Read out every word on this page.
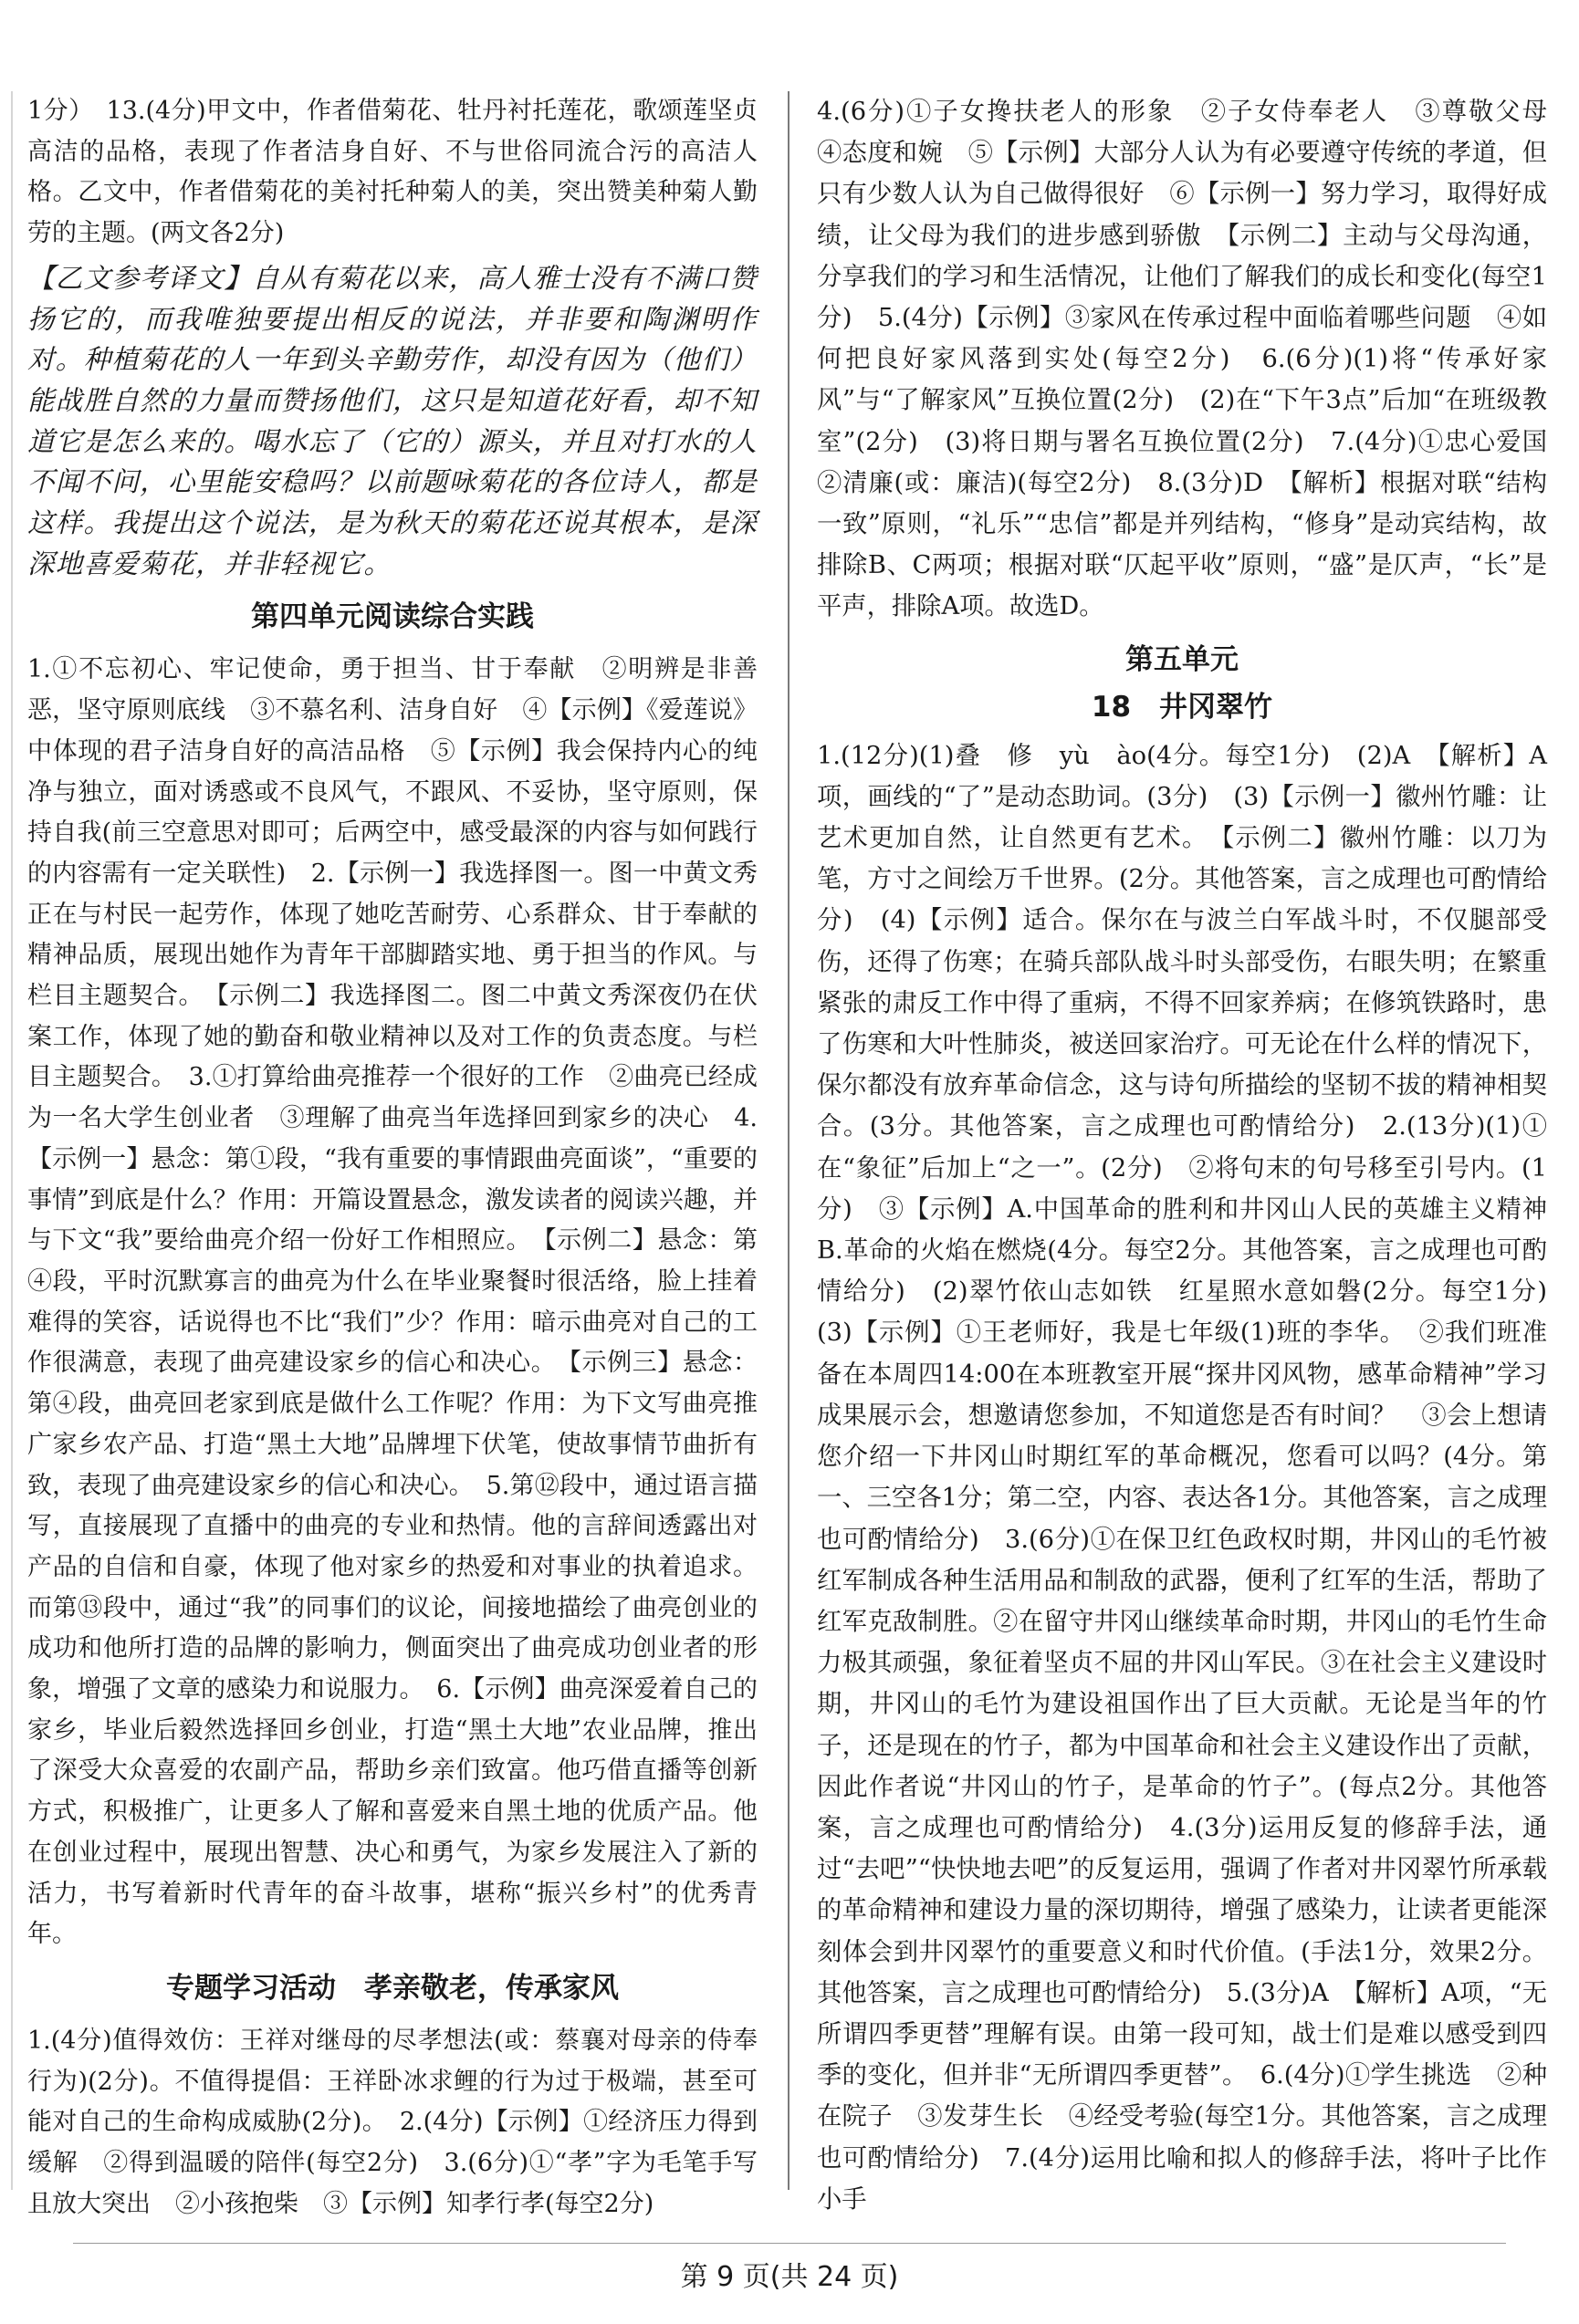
1分）　13.(4分)甲文中，作者借菊花、牡丹衬托莲花，歌颂莲坚贞高洁的品格，表现了作者洁身自好、不与世俗同流合污的高洁人格。乙文中，作者借菊花的美衬托种菊人的美，突出赞美种菊人勤劳的主题。(两文各2分)

【乙文参考译文】自从有菊花以来，高人雅士没有不满口赞扬它的，而我唯独要提出相反的说法，并非要和陶渊明作对。种植菊花的人一年到头辛勤劳作，却没有因为（他们）能战胜自然的力量而赞扬他们，这只是知道花好看，却不知道它是怎么来的。喝水忘了（它的）源头，并且对打水的人不闻不问，心里能安稳吗？以前题咏菊花的各位诗人，都是这样。我提出这个说法，是为秋天的菊花还说其根本，是深深地喜爱菊花，并非轻视它。

第四单元阅读综合实践

1.①不忘初心、牢记使命，勇于担当、甘于奉献　②明辨是非善恶，坚守原则底线　③不慕名利、洁身自好　④【示例】《爱莲说》中体现的君子洁身自好的高洁品格　⑤【示例】我会保持内心的纯净与独立，面对诱惑或不良风气，不跟风、不妥协，坚守原则，保持自我(前三空意思对即可；后两空中，感受最深的内容与如何践行的内容需有一定关联性)　2.【示例一】我选择图一。图一中黄文秀正在与村民一起劳作，体现了她吃苦耐劳、心系群众、甘于奉献的精神品质，展现出她作为青年干部脚踏实地、勇于担当的作风。与栏目主题契合。　【示例二】我选择图二。图二中黄文秀深夜仍在伏案工作，体现了她的勤奋和敬业精神以及对工作的负责态度。与栏目主题契合。　3.①打算给曲亮推荐一个很好的工作　②曲亮已经成为一名大学生创业者　③理解了曲亮当年选择回到家乡的决心　4.【示例一】悬念：第①段，“我有重要的事情跟曲亮面谈”，“重要的事情”到底是什么？作用：开篇设置悬念，激发读者的阅读兴趣，并与下文“我”要给曲亮介绍一份好工作相照应。　【示例二】悬念：第④段，平时沉默寡言的曲亮为什么在毕业聚餐时很活络，脸上挂着难得的笑容，话说得也不比“我们”少？作用：暗示曲亮对自己的工作很满意，表现了曲亮建设家乡的信心和决心。　【示例三】悬念：第④段，曲亮回老家到底是做什么工作呢？作用：为下文写曲亮推广家乡农产品、打造“黑土大地”品牌埋下伏笔，使故事情节曲折有致，表现了曲亮建设家乡的信心和决心。　5.第⑫段中，通过语言描写，直接展现了直播中的曲亮的专业和热情。他的言辞间透露出对产品的自信和自豪，体现了他对家乡的热爱和对事业的执着追求。而第⑬段中，通过“我”的同事们的议论，间接地描绘了曲亮创业的成功和他所打造的品牌的影响力，侧面突出了曲亮成功创业者的形象，增强了文章的感染力和说服力。　6.【示例】曲亮深爱着自己的家乡，毕业后毅然选择回乡创业，打造“黑土大地”农业品牌，推出了深受大众喜爱的农副产品，帮助乡亲们致富。他巧借直播等创新方式，积极推广，让更多人了解和喜爱来自黑土地的优质产品。他在创业过程中，展现出智慧、决心和勇气，为家乡发展注入了新的活力，书写着新时代青年的奋斗故事，堪称“振兴乡村”的优秀青年。

专题学习活动　孝亲敬老，传承家风

1.(4分)值得效仿：王祥对继母的尽孝想法(或：蔡襄对母亲的侍奉行为)(2分)。不值得提倡：王祥卧冰求鲤的行为过于极端，甚至可能对自己的生命构成威胁(2分)。　2.(4分)【示例】①经济压力得到缓解　②得到温暖的陪伴(每空2分)　3.(6分)①“孝”字为毛笔手写且放大突出　②小孩抱柴　③【示例】知孝行孝(每空2分)

4.(6分)①子女搀扶老人的形象　②子女侍奉老人　③尊敬父母　④态度和婉　⑤【示例】大部分人认为有必要遵守传统的孝道，但只有少数人认为自己做得很好　⑥【示例一】努力学习，取得好成绩，让父母为我们的进步感到骄傲　【示例二】主动与父母沟通，分享我们的学习和生活情况，让他们了解我们的成长和变化(每空1分)　5.(4分)【示例】③家风在传承过程中面临着哪些问题　④如何把良好家风落到实处(每空2分)　6.(6分)(1)将“传承好家风”与“了解家风”互换位置(2分)　(2)在“下午3点”后加“在班级教室”(2分)　(3)将日期与署名互换位置(2分)　7.(4分)①忠心爱国　②清廉(或：廉洁)(每空2分)　8.(3分)D　【解析】根据对联“结构一致”原则，“礼乐”“忠信”都是并列结构，“修身”是动宾结构，故排除B、C两项；根据对联“仄起平收”原则，“盛”是仄声，“长”是平声，排除A项。故选D。

第五单元
18　井冈翠竹

1.(12分)(1)叠　修　yù　ào(4分。每空1分)　(2)A　【解析】A项，画线的“了”是动态助词。(3分)　(3)【示例一】徽州竹雕：让艺术更加自然，让自然更有艺术。　【示例二】徽州竹雕：以刀为笔，方寸之间绘万千世界。(2分。其他答案，言之成理也可酌情给分)　(4)【示例】适合。保尔在与波兰白军战斗时，不仅腿部受伤，还得了伤寒；在骑兵部队战斗时头部受伤，右眼失明；在繁重紧张的肃反工作中得了重病，不得不回家养病；在修筑铁路时，患了伤寒和大叶性肺炎，被送回家治疗。可无论在什么样的情况下，保尔都没有放弃革命信念，这与诗句所描绘的坚韧不拔的精神相契合。(3分。其他答案，言之成理也可酌情给分)　2.(13分)(1)①在“象征”后加上“之一”。(2分)　②将句末的句号移至引号内。(1分)　③【示例】A.中国革命的胜利和井冈山人民的英雄主义精神　B.革命的火焰在燃烧(4分。每空2分。其他答案，言之成理也可酌情给分)　(2)翠竹依山志如铁　红星照水意如磐(2分。每空1分)　(3)【示例】①王老师好，我是七年级(1)班的李华。　②我们班准备在本周四14:00在本班教室开展“探井冈风物，感革命精神”学习成果展示会，想邀请您参加，不知道您是否有时间？　③会上想请您介绍一下井冈山时期红军的革命概况，您看可以吗？(4分。第一、三空各1分；第二空，内容、表达各1分。其他答案，言之成理也可酌情给分)　3.(6分)①在保卫红色政权时期，井冈山的毛竹被红军制成各种生活用品和制敌的武器，便利了红军的生活，帮助了红军克敌制胜。②在留守井冈山继续革命时期，井冈山的毛竹生命力极其顽强，象征着坚贞不屈的井冈山军民。③在社会主义建设时期，井冈山的毛竹为建设祖国作出了巨大贡献。无论是当年的竹子，还是现在的竹子，都为中国革命和社会主义建设作出了贡献，因此作者说“井冈山的竹子，是革命的竹子”。(每点2分。其他答案，言之成理也可酌情给分)　4.(3分)运用反复的修辞手法，通过“去吧”“快快地去吧”的反复运用，强调了作者对井冈翠竹所承载的革命精神和建设力量的深切期待，增强了感染力，让读者更能深刻体会到井冈翠竹的重要意义和时代价值。(手法1分，效果2分。其他答案，言之成理也可酌情给分)　5.(3分)A　【解析】A项，“无所谓四季更替”理解有误。由第一段可知，战士们是难以感受到四季的变化，但并非“无所谓四季更替”。　6.(4分)①学生挑选　②种在院子　③发芽生长　④经受考验(每空1分。其他答案，言之成理也可酌情给分)　7.(4分)运用比喻和拟人的修辞手法，将叶子比作小手

第 9 页(共 24 页)
